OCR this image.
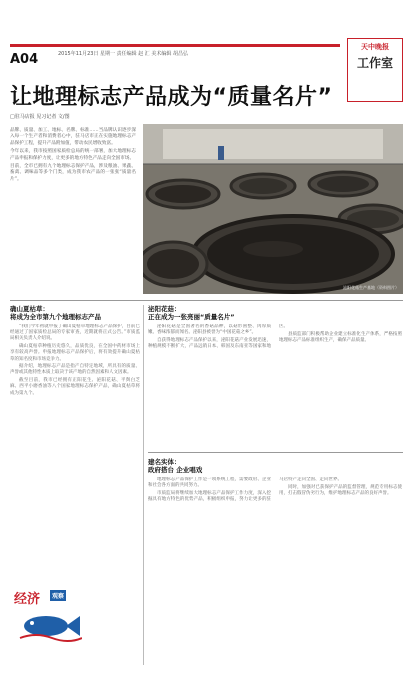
A04	2015年11月23日 星期一 责任编辑 赵 汇 美术编辑 胡昌弘
天中晚报
工作室
让地理标志产品成为“质量名片”
□驻马店报 见习记者 文/图

品牌、质量、加工、地标、名牌、标准……当品牌认识逐步深入每一个生产者和消费者心中，驻马店市正在实施地理标志产品保护工程，提升产品附加值，带动农民增收致富。

今年以来，我市按照国家质检总局的统一部署，加大地理标志产品申报和保护力度，让更多的地方特色产品走向全国市场。

目前，全市已拥有九个地理标志保护产品，涉及粮油、果蔬、畜禽、调味品等多个门类，成为我市农产品的一张张“质量名片”。

泌阳花菇生产基地（资料图片）
确山夏枯草：
将成为全市第九个地理标志产品

“我们今年初就申报了确山夏枯草地理标志产品保护，目前已经通过了国家质检总局的专家审查，近期就将正式公告。”市质监局相关负责人介绍说。

确山夏枯草种植历史悠久，品质优良，在全国中药材市场上享有较高声誉。申报地理标志产品保护后，将有效提升确山夏枯草的知名度和市场竞争力。

据介绍，地理标志产品是指产自特定地域，所具有的质量、声誉或其他特性本质上取决于该产地的自然因素和人文因素。

截至目前，我市已经拥有正阳花生、泌阳花菇、平舆白芝麻、西平小磨香油等八个国家地理标志保护产品，确山夏枯草将成为第九个。

泌阳花菇：
正在成为一张亮丽“质量名片”

泌阳花菇是全国著名的香菇品种，以菇形圆整、肉厚质嫩、香味浓郁而闻名。泌阳县被誉为“中国花菇之乡”。

自获得地理标志产品保护以来，泌阳花菇产业发展迅速，种植规模不断扩大，产品远销日本、韩国及东南亚等国家和地区。

县质监部门积极帮助企业建立标准化生产体系，严格按照地理标志产品标准组织生产，确保产品质量。

建名实体：
政府搭台 企业唱戏

地理标志产品保护工作是一项系统工程，需要政府、企业和社会各方面的共同努力。

市质监局将继续加大地理标志产品保护工作力度，深入挖掘具有地方特色的优势产品，积极组织申报，努力让更多的驻马店特产走向全国、走向世界。

同时，加强对已获保护产品的监督管理，规范专用标志使用，打击假冒伪劣行为，维护地理标志产品的良好声誉。

经济	观察
